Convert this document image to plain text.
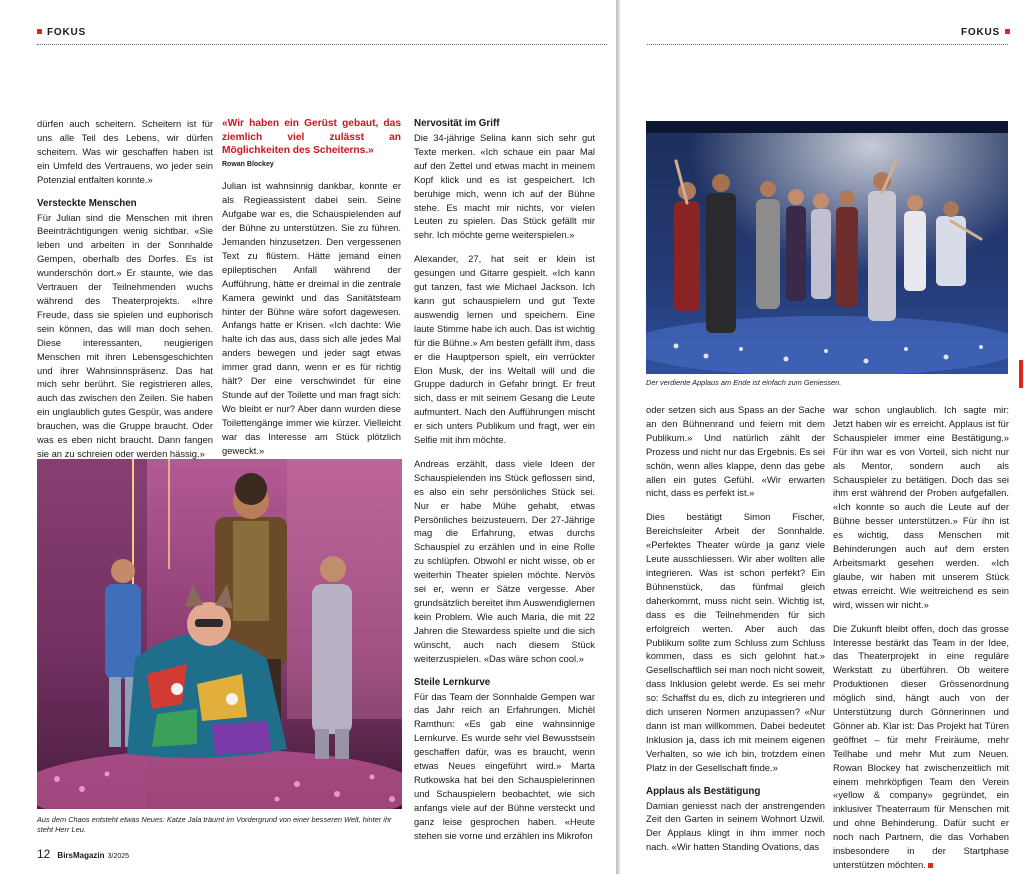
FOKUS

dürfen auch scheitern. Scheitern ist für uns alle Teil des Lebens, wir dürfen scheitern. Was wir geschaffen haben ist ein Umfeld des Vertrauens, wo jeder sein Potenzial entfalten konnte.»

Versteckte Menschen

Für Julian sind die Menschen mit ihren Beeinträchtigungen wenig sichtbar. «Sie leben und arbeiten in der Sonnhalde Gempen, oberhalb des Dorfes. Es ist wunderschön dort.» Er staunte, wie das Vertrauen der Teilnehmenden wuchs während des Theaterprojekts. «Ihre Freude, dass sie spielen und euphorisch sein können, das will man doch sehen. Diese interessanten, neugierigen Menschen mit ihren Lebensgeschichten und ihrer Wahnsinnspräsenz. Das hat mich sehr berührt. Sie registrieren alles, auch das zwischen den Zeilen. Sie haben ein unglaublich gutes Gespür, was andere brauchen, was die Gruppe braucht. Oder was es eben nicht braucht. Dann fangen sie an zu schreien oder werden hässig.»

«Wir haben ein Gerüst gebaut, das ziemlich viel zulässt an Möglichkeiten des Scheiterns.»

Rowan Blockey

Julian ist wahnsinnig dankbar, konnte er als Regieassistent dabei sein. Seine Aufgabe war es, die Schauspielenden auf der Bühne zu unterstützen. Sie zu führen. Jemanden hinzusetzen. Den vergessenen Text zu flüstern. Hätte jemand einen epileptischen Anfall während der Aufführung, hätte er dreimal in die zentrale Kamera gewinkt und das Sanitätsteam hinter der Bühne wäre sofort dagewesen. Anfangs hatte er Krisen. «Ich dachte: Wie halte ich das aus, dass sich alle jedes Mal anders bewegen und jeder sagt etwas immer grad dann, wenn er es für richtig hält? Der eine verschwindet für eine Stunde auf der Toilette und man fragt sich: Wo bleibt er nur? Aber dann wurden diese Toilettengänge immer wie kürzer. Vielleicht war das Interesse am Stück plötzlich geweckt.»

Nervosität im Griff

Die 34-jährige Selina kann sich sehr gut Texte merken. «Ich schaue ein paar Mal auf den Zettel und etwas macht in meinem Kopf klick und es ist gespeichert. Ich beruhige mich, wenn ich auf der Bühne stehe. Es macht mir nichts, vor vielen Leuten zu spielen. Das Stück gefällt mir sehr. Ich möchte gerne weiterspielen.»

Alexander, 27, hat seit er klein ist gesungen und Gitarre gespielt. «Ich kann gut tanzen, fast wie Michael Jackson. Ich kann gut schauspielern und gut Texte auswendig lernen und speichern. Eine laute Stimme habe ich auch. Das ist wichtig für die Bühne.» Am besten gefällt ihm, dass er die Hauptperson spielt, ein verrückter Elon Musk, der ins Weltall will und die Gruppe dadurch in Gefahr bringt. Er freut sich, dass er mit seinem Gesang die Leute aufmuntert. Nach den Aufführungen mischt er sich unters Publikum und fragt, wer ein Selfie mit ihm möchte.

Andreas erzählt, dass viele Ideen der Schauspielenden ins Stück geflossen sind, es also ein sehr persönliches Stück sei. Nur er habe Mühe gehabt, etwas Persönliches beizusteuern. Der 27-Jährige mag die Erfahrung, etwas durchs Schauspiel zu erzählen und in eine Rolle zu schlüpfen. Obwohl er nicht wisse, ob er weiterhin Theater spielen möchte. Nervös sei er, wenn er Sätze vergesse. Aber grundsätzlich bereitet ihm Auswendiglernen kein Problem. Wie auch Maria, die mit 22 Jahren die Stewardess spielte und die sich wünscht, auch nach diesem Stück weiterzuspielen. «Das wäre schon cool.»

Steile Lernkurve

Für das Team der Sonnhalde Gempen war das Jahr reich an Erfahrungen. Michèl Ramthun: «Es gab eine wahnsinnige Lernkurve. Es wurde sehr viel Bewusstsein geschaffen dafür, was es braucht, wenn etwas Neues eingeführt wird.» Marta Rutkowska hat bei den Schauspielerinnen und Schauspielern beobachtet, wie sich anfangs viele auf der Bühne versteckt und ganz leise gesprochen haben. «Heute stehen sie vorne und erzählen ins Mikrofon

Aus dem Chaos entsteht etwas Neues: Katze Jala träumt im Vordergrund von einer besseren Welt, hinter ihr steht Herr Leu.
12 BirsMagazin 3/2025
FOKUS
Der verdiente Applaus am Ende ist einfach zum Geniessen.

oder setzen sich aus Spass an der Sache an den Bühnenrand und feiern mit dem Publikum.» Und natürlich zählt der Prozess und nicht nur das Ergebnis. Es sei schön, wenn alles klappe, denn das gebe allen ein gutes Gefühl. «Wir erwarten nicht, dass es perfekt ist.»

Dies bestätigt Simon Fischer, Bereichsleiter Arbeit der Sonnhalde. «Perfektes Theater würde ja ganz viele Leute ausschliessen. Wir aber wollten alle integrieren. Was ist schon perfekt? Ein Bühnenstück, das fünfmal gleich daherkommt, muss nicht sein. Wichtig ist, dass es die Teilnehmenden für sich erfolgreich werten. Aber auch das Publikum sollte zum Schluss zum Schluss kommen, dass es sich gelohnt hat.» Gesellschaftlich sei man noch nicht soweit, dass Inklusion gelebt werde. Es sei mehr so: Schaffst du es, dich zu integrieren und dich unseren Normen anzupassen? «Nur dann ist man willkommen. Dabei bedeutet Inklusion ja, dass ich mit meinem eigenen Verhalten, so wie ich bin, trotzdem einen Platz in der Gesellschaft finde.»

Applaus als Bestätigung

Damian geniesst nach der anstrengenden Zeit den Garten in seinem Wohnort Uzwil. Der Applaus klingt in ihm immer noch nach. «Wir hatten Standing Ovations, das

war schon unglaublich. Ich sagte mir: Jetzt haben wir es erreicht. Applaus ist für Schauspieler immer eine Bestätigung.» Für ihn war es von Vorteil, sich nicht nur als Mentor, sondern auch als Schauspieler zu betätigen. Doch das sei ihm erst während der Proben aufgefallen. «Ich konnte so auch die Leute auf der Bühne besser unterstützen.» Für ihn ist es wichtig, dass Menschen mit Behinderungen auch auf dem ersten Arbeitsmarkt gesehen werden. «Ich glaube, wir haben mit unserem Stück etwas erreicht. Wie weitreichend es sein wird, wissen wir nicht.»

Die Zukunft bleibt offen, doch das grosse Interesse bestärkt das Team in der Idee, das Theaterprojekt in eine reguläre Werkstatt zu überführen. Ob weitere Produktionen dieser Grössenordnung möglich sind, hängt auch von der Unterstützung durch Gönnerinnen und Gönner ab. Klar ist: Das Projekt hat Türen geöffnet – für mehr Freiräume, mehr Teilhabe und mehr Mut zum Neuen. Rowan Blockey hat zwischenzeitlich mit einem mehrköpfigen Team den Verein «yellow & company» gegründet, ein inklusiver Theaterraum für Menschen mit und ohne Behinderung. Dafür sucht er noch nach Partnern, die das Vorhaben insbesondere in der Startphase unterstützen möchten.
